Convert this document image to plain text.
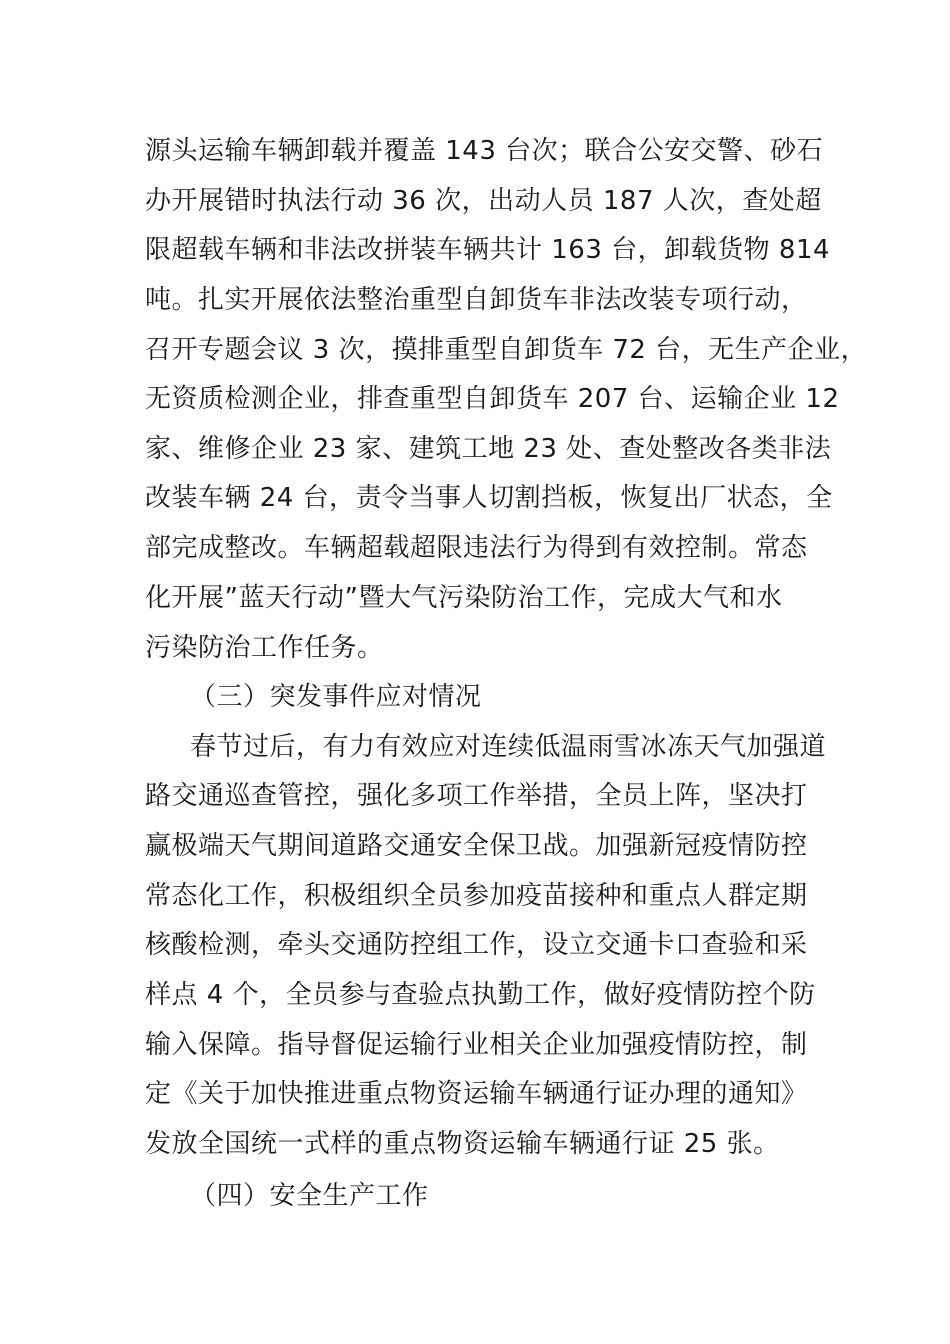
源头运输车辆卸载并覆盖 143 台次；联合公安交警、砂石
办开展错时执法行动 36 次，出动人员 187 人次，查处超
限超载车辆和非法改拼装车辆共计 163 台，卸载货物 814
吨。扎实开展依法整治重型自卸货车非法改装专项行动，
召开专题会议 3 次，摸排重型自卸货车 72 台，无生产企业，
无资质检测企业，排查重型自卸货车 207 台、运输企业 12
家、维修企业 23 家、建筑工地 23 处、查处整改各类非法
改装车辆 24 台，责令当事人切割挡板，恢复出厂状态，全
部完成整改。车辆超载超限违法行为得到有效控制。常态
化开展”蓝天行动”暨大气污染防治工作，完成大气和水
污染防治工作任务。
（三）突发事件应对情况
春节过后，有力有效应对连续低温雨雪冰冻天气加强道
路交通巡查管控，强化多项工作举措，全员上阵，坚决打
赢极端天气期间道路交通安全保卫战。加强新冠疫情防控
常态化工作，积极组织全员参加疫苗接种和重点人群定期
核酸检测，牵头交通防控组工作，设立交通卡口查验和采
样点 4 个，全员参与查验点执勤工作，做好疫情防控个防
输入保障。指导督促运输行业相关企业加强疫情防控，制
定《关于加快推进重点物资运输车辆通行证办理的通知》
发放全国统一式样的重点物资运输车辆通行证 25 张。
（四）安全生产工作
